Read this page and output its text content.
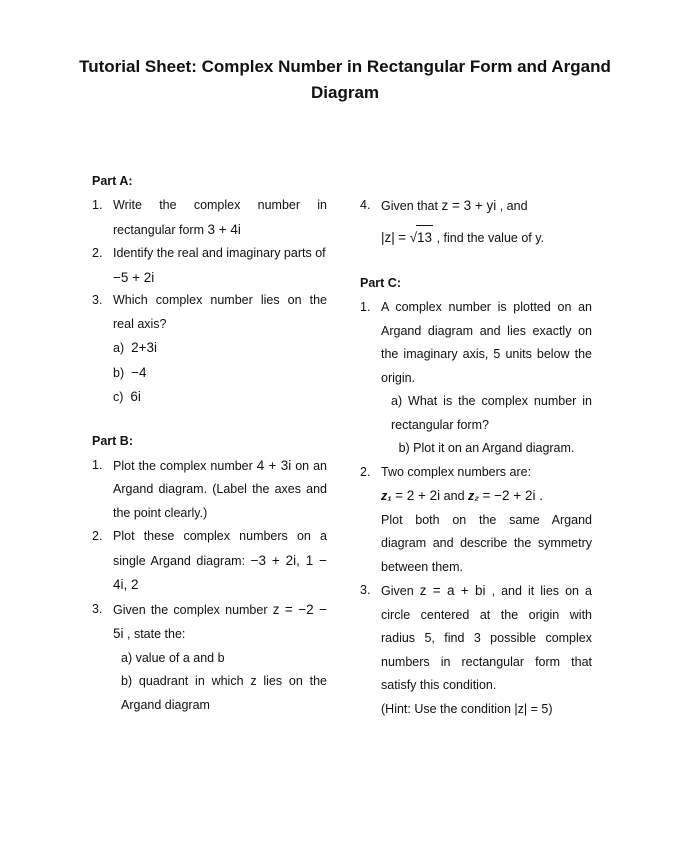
Tutorial Sheet: Complex Number in Rectangular Form and Argand
Diagram
Part A:
1. Write the complex number in rectangular form 3 + 4i
2. Identify the real and imaginary parts of
−5 + 2i
3. Which complex number lies on the real axis?
a) 2+3i
b) −4
c) 6i
Part B:
1. Plot the complex number 4 + 3i on an Argand diagram. (Label the axes and the point clearly.)
2. Plot these complex numbers on a single Argand diagram: −3 + 2i, 1 − 4i, 2
3. Given the complex number z = −2 − 5i , state the:
a) value of a and b
b) quadrant in which z lies on the Argand diagram
4. Given that z = 3 + yi , and
|z| = √13 , find the value of y.
Part C:
1. A complex number is plotted on an Argand diagram and lies exactly on the imaginary axis, 5 units below the origin.
a) What is the complex number in rectangular form?
b) Plot it on an Argand diagram.
2. Two complex numbers are:
z₁ = 2 + 2i and z₂ = −2 + 2i .
Plot both on the same Argand diagram and describe the symmetry between them.
3. Given z = a + bi , and it lies on a circle centered at the origin with radius 5, find 3 possible complex numbers in rectangular form that satisfy this condition.
(Hint: Use the condition |z| = 5)
